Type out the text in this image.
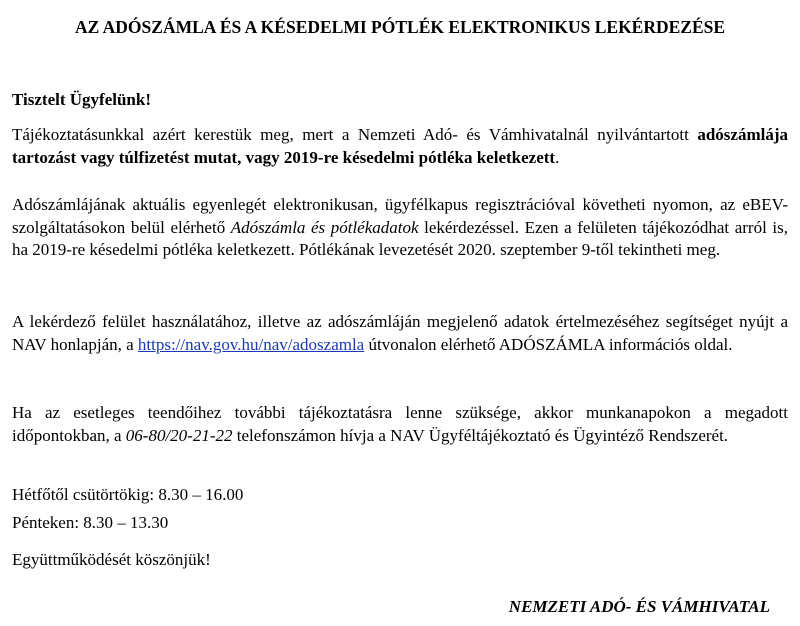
AZ ADÓSZÁMLA ÉS A KÉSEDELMI PÓTLÉK ELEKTRONIKUS LEKÉRDEZÉSE
Tisztelt Ügyfelünk!
Tájékoztatásunkkal azért kerestük meg, mert a Nemzeti Adó- és Vámhivatalnál nyilvántartott adószámlája tartozást vagy túlfizetést mutat, vagy 2019-re késedelmi pótléka keletkezett.
Adószámlájának aktuális egyenlegét elektronikusan, ügyfélkapus regisztrációval követheti nyomon, az eBEV-szolgáltatásokon belül elérhető Adószámla és pótlékadatok lekérdezéssel. Ezen a felületen tájékozódhat arról is, ha 2019-re késedelmi pótléka keletkezett. Pótlékának levezetését 2020. szeptember 9-től tekintheti meg.
A lekérdező felület használatához, illetve az adószámláján megjelenő adatok értelmezéséhez segítséget nyújt a NAV honlapján, a https://nav.gov.hu/nav/adoszamla útvonalon elérhető ADÓSZÁMLA információs oldal.
Ha az esetleges teendőihez további tájékoztatásra lenne szüksége, akkor munkanapokon a megadott időpontokban, a 06-80/20-21-22 telefonszámon hívja a NAV Ügyféltájékoztató és Ügyintéző Rendszerét.
Hétfőtől csütörtökig: 8.30 – 16.00
Pénteken: 8.30 – 13.30
Együttműködését köszönjük!
NEMZETI ADÓ- ÉS VÁMHIVATAL
